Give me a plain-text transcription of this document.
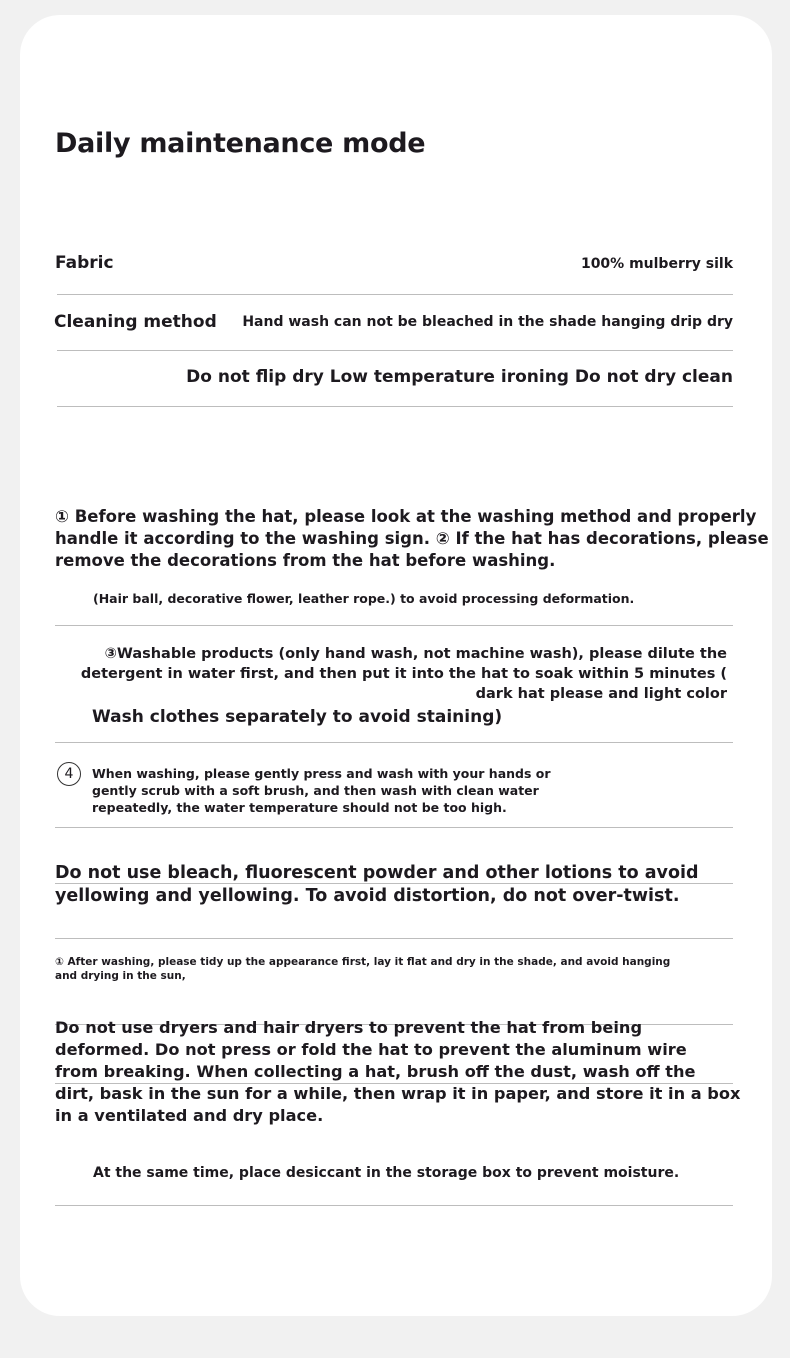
Daily maintenance mode
Fabric	100% mulberry silk
Cleaning method Hand wash can not be bleached in the shade hanging drip dry
Do not flip dry Low temperature ironing Do not dry clean
① Before washing the hat, please look at the washing method and properly
handle it according to the washing sign. ② If the hat has decorations, please
remove the decorations from the hat before washing.
(Hair ball, decorative flower, leather rope.) to avoid processing deformation.
③Washable products (only hand wash, not machine wash), please dilute the
detergent in water first, and then put it into the hat to soak within 5 minutes (
dark hat please and light color
Wash clothes separately to avoid staining)
4	When washing, please gently press and wash with your hands or
gently scrub with a soft brush, and then wash with clean water
repeatedly, the water temperature should not be too high.
Do not use bleach, fluorescent powder and other lotions to avoid
yellowing and yellowing. To avoid distortion, do not over-twist.
① After washing, please tidy up the appearance first, lay it flat and dry in the shade, and avoid hanging
and drying in the sun,
Do not use dryers and hair dryers to prevent the hat from being
deformed. Do not press or fold the hat to prevent the aluminum wire
from breaking. When collecting a hat, brush off the dust, wash off the
dirt, bask in the sun for a while, then wrap it in paper, and store it in a box
in a ventilated and dry place.
At the same time, place desiccant in the storage box to prevent moisture.
